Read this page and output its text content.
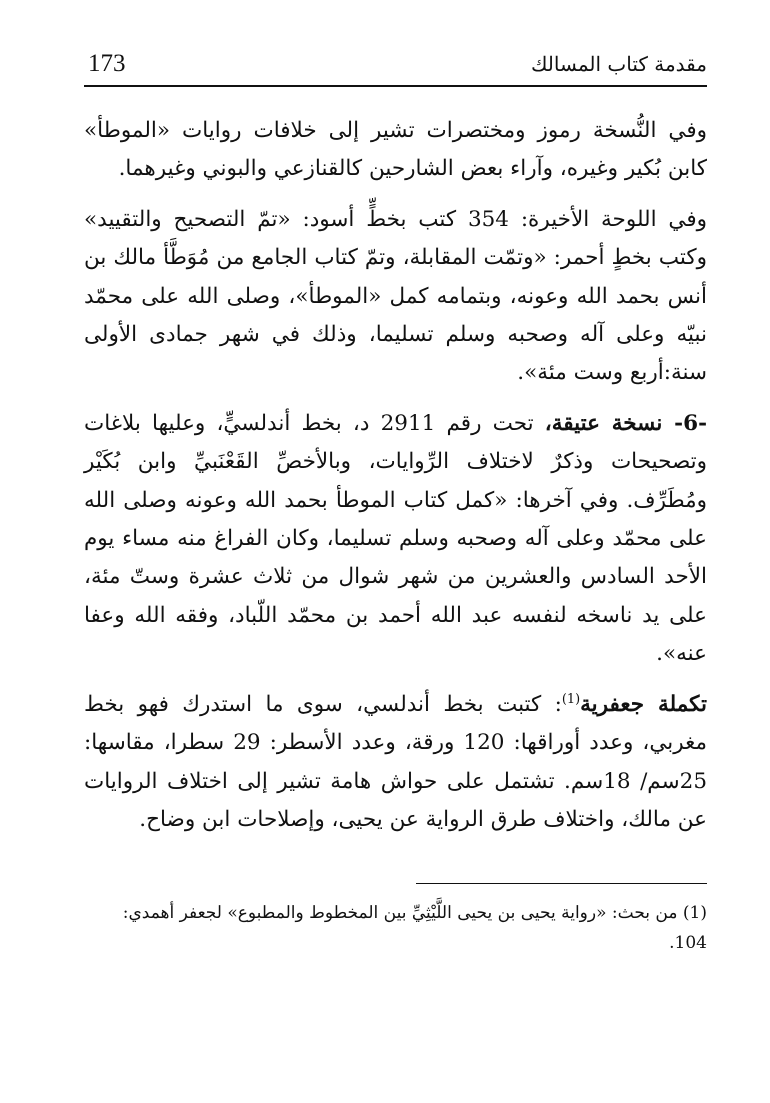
173	مقدمة كتاب المسالك

وفي النُّسخة رموز ومختصرات تشير إلى خلافات روايات «الموطأ» كابن بُكير وغيره، وآراء بعض الشارحين كالقنازعي والبوني وغيرهما.

وفي اللوحة الأخيرة: 354 كتب بخطٍّ أسود: «تمّ التصحيح والتقييد» وكتب بخطٍ أحمر: «وتمّت المقابلة، وتمّ كتاب الجامع من مُوَطَّأ مالك بن أنس بحمد الله وعونه، وبتمامه كمل «الموطأ»، وصلى الله على محمّد نبيّه وعلى آله وصحبه وسلم تسليما، وذلك في شهر جمادى الأولى سنة:أربع وست مئة».

-6- نسخة عتيقة، تحت رقم 2911 د، بخط أندلسيٍّ، وعليها بلاغات وتصحيحات وذكرٌ لاختلاف الرِّوايات، وبالأخصِّ القَعْنَبيِّ وابن بُكَيْر ومُطَرِّف. وفي آخرها: «كمل كتاب الموطأ بحمد الله وعونه وصلى الله على محمّد وعلى آله وصحبه وسلم تسليما، وكان الفراغ منه مساء يوم الأحد السادس والعشرين من شهر شوال من ثلاث عشرة وستّ مئة، على يد ناسخه لنفسه عبد الله أحمد بن محمّد اللّباد، وفقه الله وعفا عنه».

تكملة جعفرية$^{(1)}$: كتبت بخط أندلسي، سوى ما استدرك فهو بخط مغربي، وعدد أوراقها: 120 ورقة، وعدد الأسطر: 29 سطرا، مقاسها: 25سم/ 18سم. تشتمل على حواش هامة تشير إلى اختلاف الروايات عن مالك، واختلاف طرق الرواية عن يحيى، وإصلاحات ابن وضاح.

(1) من بحث: «رواية يحيى بن يحيى اللَّيْثِيِّ بين المخطوط والمطبوع» لجعفر أهمدي: 104.
